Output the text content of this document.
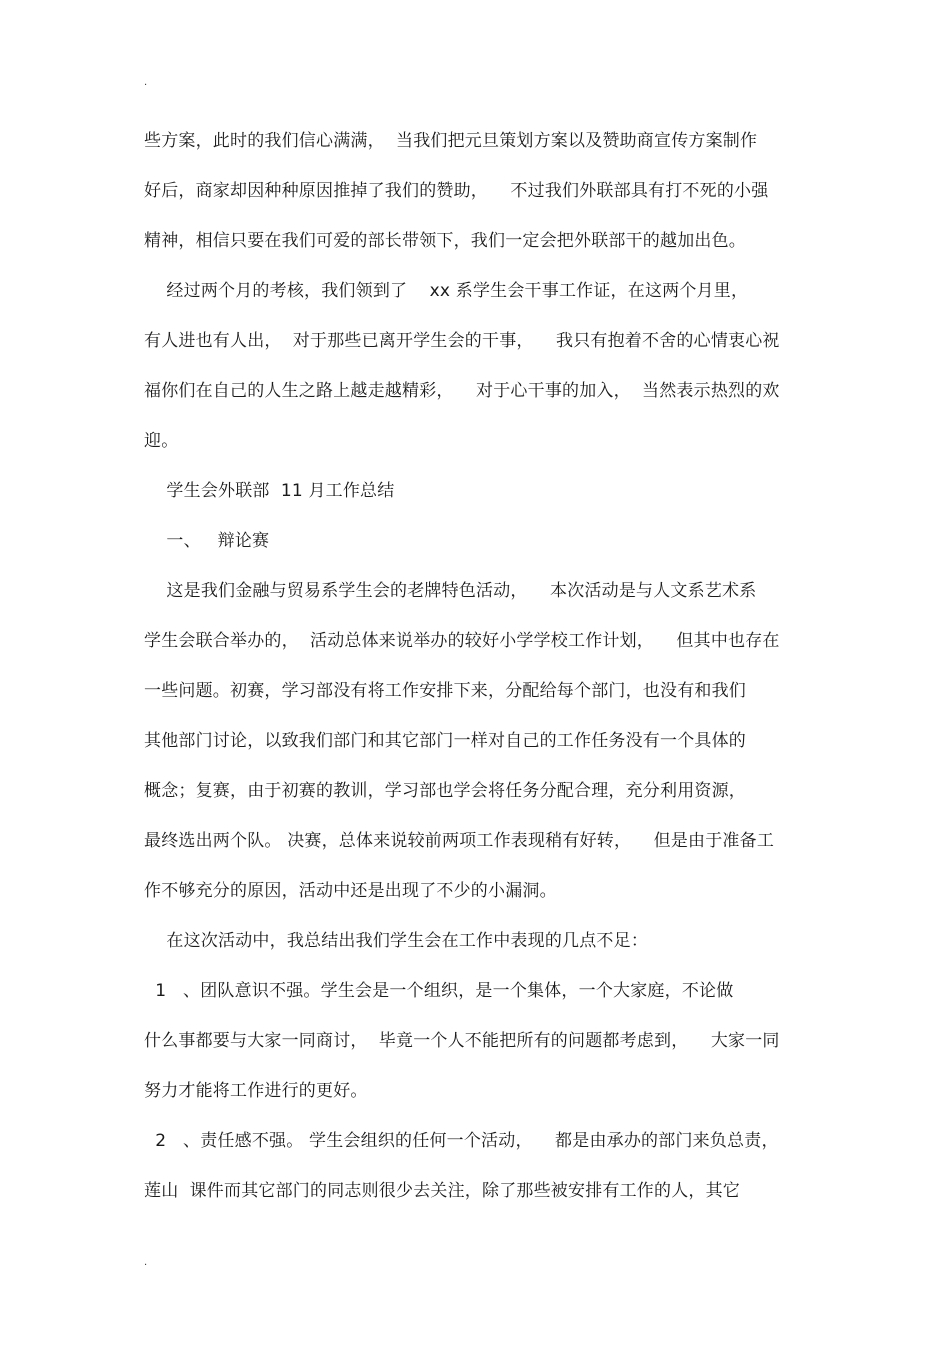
.
些方案，此时的我们信心满满，  当我们把元旦策划方案以及赞助商宣传方案制作
好后，商家却因种种原因推掉了我们的赞助，    不过我们外联部具有打不死的小强
精神，相信只要在我们可爱的部长带领下，我们一定会把外联部干的越加出色。
经过两个月的考核，我们领到了    xx 系学生会干事工作证，在这两个月里，
有人进也有人出，  对于那些已离开学生会的干事，    我只有抱着不舍的心情衷心祝
福你们在自己的人生之路上越走越精彩，    对于心干事的加入，  当然表示热烈的欢
迎。
学生会外联部  11 月工作总结
一、   辩论赛
这是我们金融与贸易系学生会的老牌特色活动，    本次活动是与人文系艺术系
学生会联合举办的，  活动总体来说举办的较好小学学校工作计划，    但其中也存在
一些问题。初赛，学习部没有将工作安排下来，分配给每个部门，也没有和我们
其他部门讨论，以致我们部门和其它部门一样对自己的工作任务没有一个具体的
概念；复赛，由于初赛的教训，学习部也学会将任务分配合理，充分利用资源，
最终选出两个队。 决赛，总体来说较前两项工作表现稍有好转，    但是由于准备工
作不够充分的原因，活动中还是出现了不少的小漏洞。
在这次活动中，我总结出我们学生会在工作中表现的几点不足：
1   、团队意识不强。学生会是一个组织，是一个集体，一个大家庭，不论做
什么事都要与大家一同商讨，  毕竟一个人不能把所有的问题都考虑到，    大家一同
努力才能将工作进行的更好。
2   、责任感不强。 学生会组织的任何一个活动，    都是由承办的部门来负总责，
莲山  课件而其它部门的同志则很少去关注，除了那些被安排有工作的人，其它
.
